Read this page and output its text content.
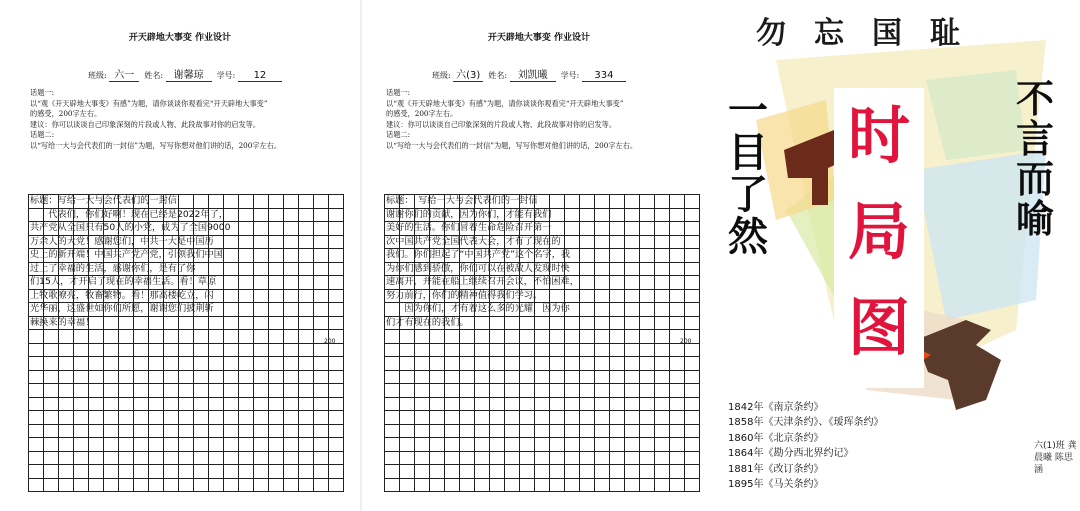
开天辟地大事变 作业设计
班级: 六一 姓名: 谢馨琼 学号: 12
话题一:
以“观《开天辟地大事变》有感”为题，请你谈谈你观看完“开天辟地大事变”
的感受，200字左右。
建议：你可以谈谈自己印象深刻的片段或人物、此段故事对你的启发等。
话题二:
以“写给一大与会代表们的一封信”为题，写写你想对他们讲的话，200字左右。
标题：写给一大与会代表们的一封信
　　代表们，你们好啊！现在已经是2022年了，
共产党从全国只有50人的小党，成为了全国9000
万余人的大党！感谢您们，中共一大是中国历
史上的新开端！中国共产党产党，引领我们中国
过上了幸福的生活，感谢你们，是有了你
们15人，才开启了现在的幸福生活。看！草原
上牧歌嘹亮，牧畜繁物。看！那高楼屹立，闪
光华丽，这盛世如你们所愿，谢谢您们披荆斩
棘换来的幸福！
200
开天辟地大事变 作业设计
班级: 六(3) 姓名: 刘凯曦 学号: 334
话题一:
以“观《开天辟地大事变》有感”为题，请你谈谈你观看完“开天辟地大事变”
的感受，200字左右。
建议：你可以谈谈自己印象深刻的片段或人物、此段故事对你的启发等。
话题二:
以“写给一大与会代表们的一封信”为题，写写你想对他们讲的话，200字左右。
标题：　写给一大与会代表们的一封信
谢谢你们的贡献，因为你们，才能有我们
美好的生活。你们冒着生命危险召开第一
次中国共产党全国代表大会，才有了现在的
我们。你们担起了“中国共产党”这个名字，我
为你们感到骄傲，你们可以在被敌人发现时快
速离开，并能在船上继续召开会议，不怕困难，
努力前行，你们的精神值得我们学习。
　　因为你们，才有着这么多的光耀，因为你
们才有现在的我们。
200
勿忘国耻
一目了然
不言而喻
时局图
1842年《南京条约》
1858年《天津条约》、《瑷珲条约》
1860年《北京条约》
1864年《勘分西北界约记》
1881年《改订条约》
1895年《马关条约》
六(1)班 龚晨曦 陈思涵
